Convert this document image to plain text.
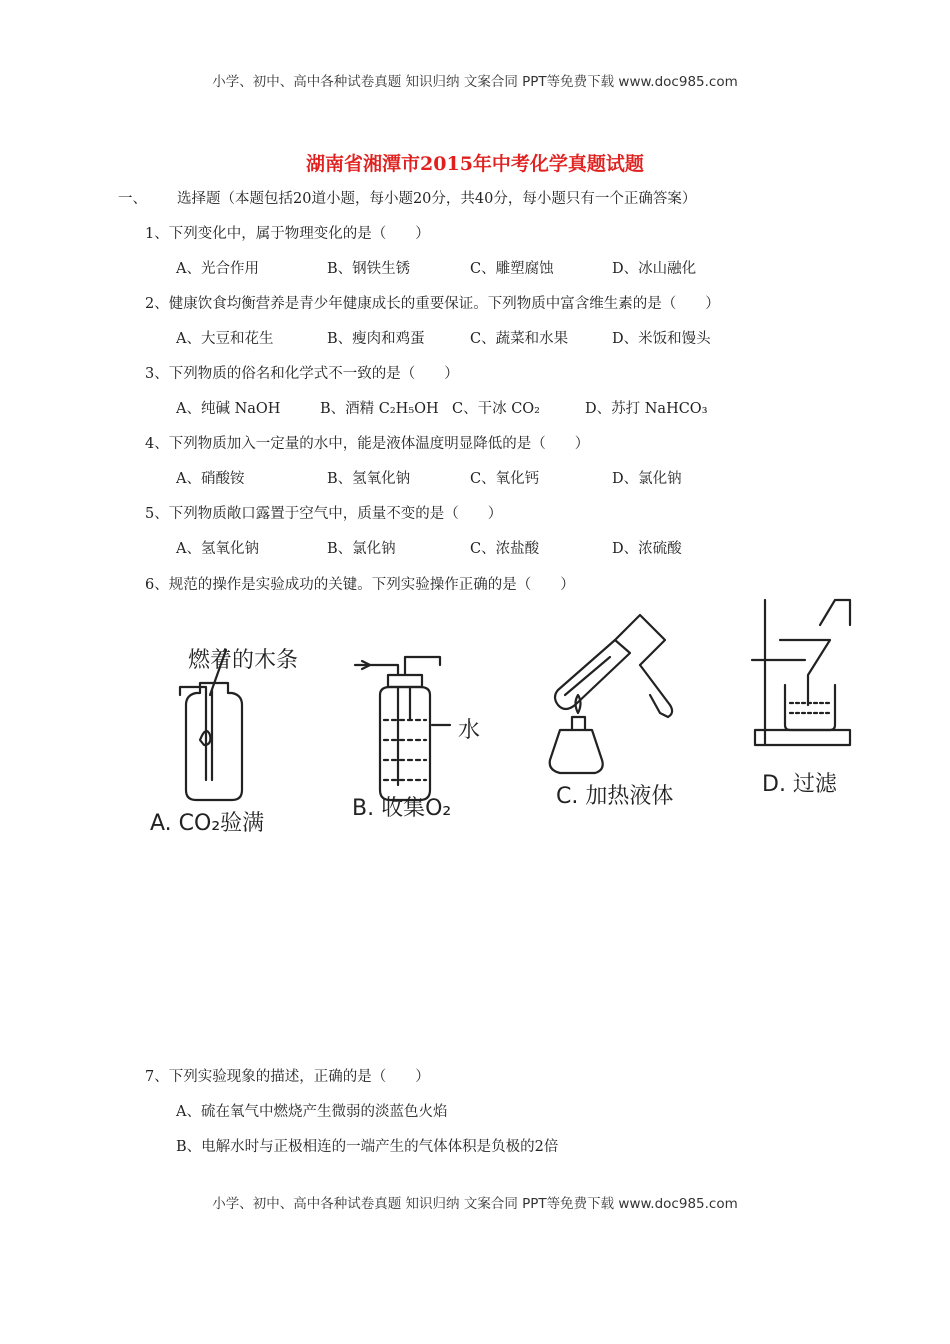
小学、初中、高中各种试卷真题 知识归纳 文案合同 PPT等免费下载 www.doc985.com
湖南省湘潭市2015年中考化学真题试题
一、 选择题（本题包括20道小题，每小题20分，共40分，每小题只有一个正确答案）
1、下列变化中，属于物理变化的是（　　）
A、光合作用	B、钢铁生锈	C、雕塑腐蚀	D、冰山融化
2、健康饮食均衡营养是青少年健康成长的重要保证。下列物质中富含维生素的是（　　）
A、大豆和花生	B、瘦肉和鸡蛋	C、蔬菜和水果	D、米饭和馒头
3、下列物质的俗名和化学式不一致的是（　　）
A、纯碱 NaOH	B、酒精 C₂H₅OH C、干冰 CO₂	D、苏打 NaHCO₃
4、下列物质加入一定量的水中，能是液体温度明显降低的是（　　）
A、硝酸铵	B、氢氧化钠	C、氧化钙	D、氯化钠
5、下列物质敞口露置于空气中，质量不变的是（　　）
A、氢氧化钠	B、氯化钠	C、浓盐酸	D、浓硫酸
6、规范的操作是实验成功的关键。下列实验操作正确的是（　　）
燃着的木条
水
A. CO₂验满
B. 收集O₂	C. 加热液体	D. 过滤
7、下列实验现象的描述，正确的是（　　）
A、硫在氧气中燃烧产生微弱的淡蓝色火焰
B、电解水时与正极相连的一端产生的气体体积是负极的2倍
小学、初中、高中各种试卷真题 知识归纳 文案合同 PPT等免费下载 www.doc985.com
